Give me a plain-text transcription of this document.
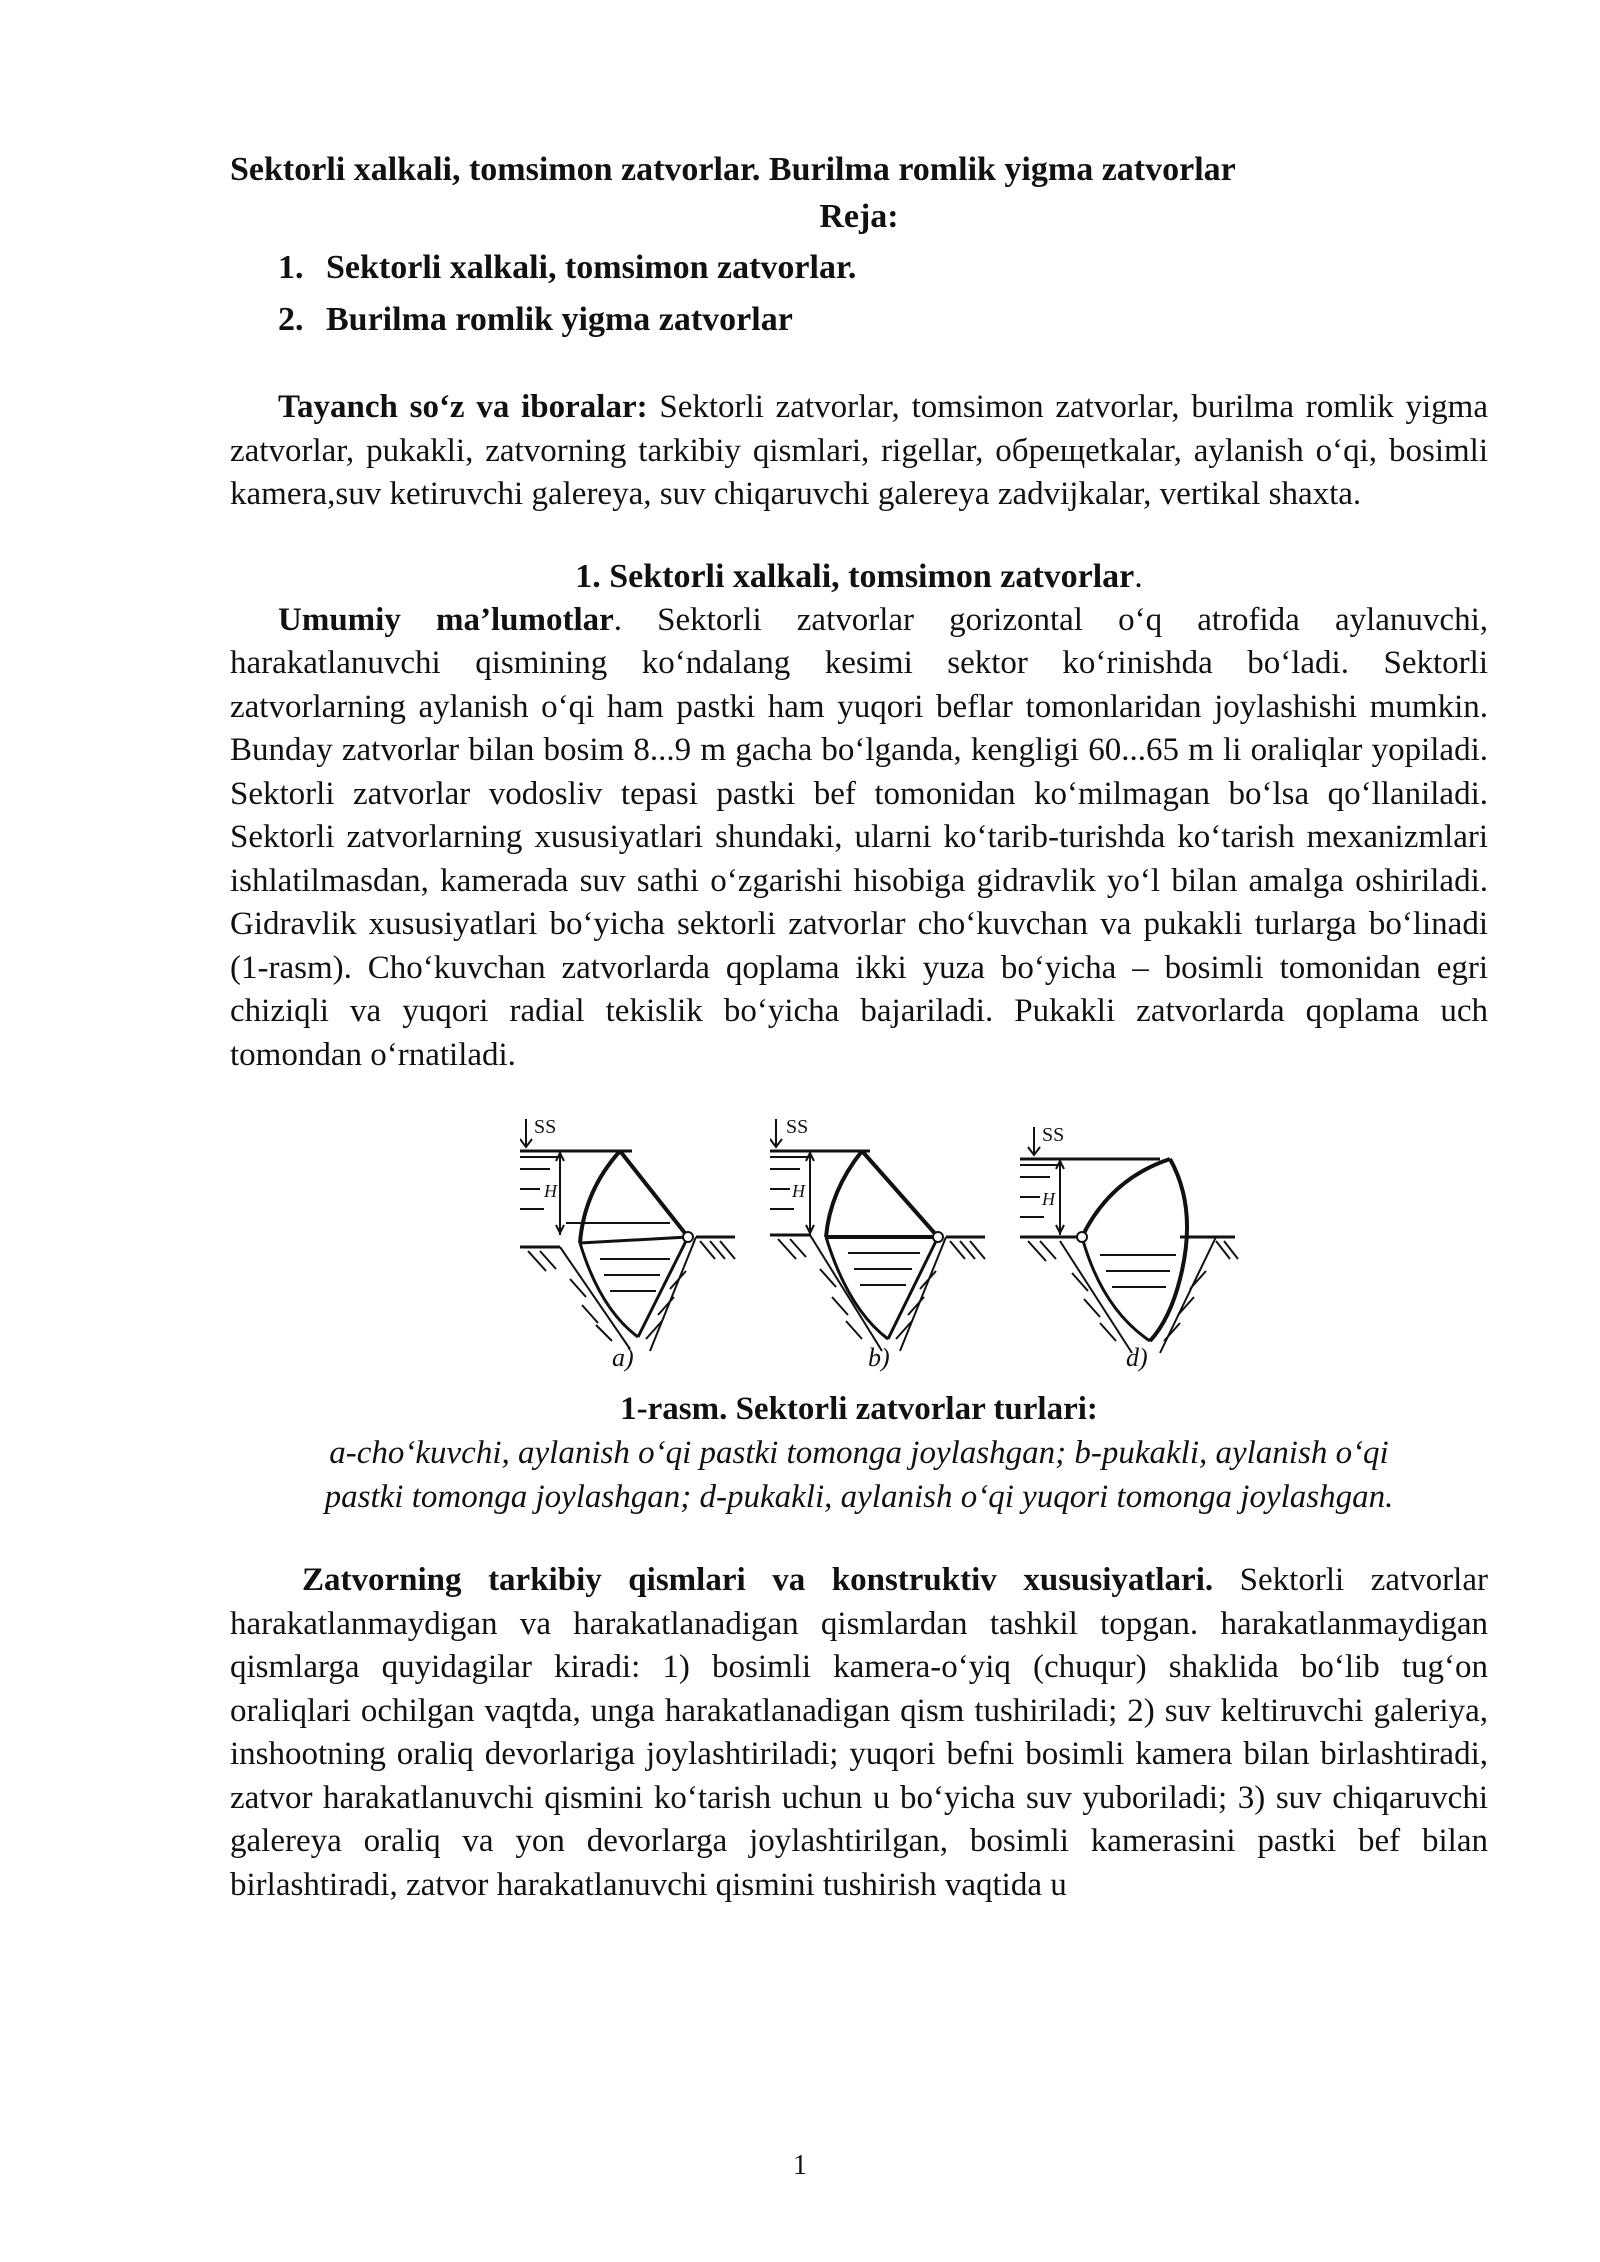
Sektorli xalkali, tomsimon zatvorlar. Burilma romlik yigma zatvorlar

Reja:

1. Sektorli xalkali, tomsimon zatvorlar.
2. Burilma romlik yigma zatvorlar

Tayanch so‘z va iboralar: Sektorli zatvorlar, tomsimon zatvorlar, burilma romlik yigma zatvorlar, pukakli, zatvorning tarkibiy qismlari, rigellar, обрещetkalar, aylanish o‘qi, bosimli kamera,suv ketiruvchi galereya, suv chiqaruvchi galereya zadvijkalar, vertikal shaxta.

1. Sektorli xalkali, tomsimon zatvorlar.

Umumiy ma’lumotlar. Sektorli zatvorlar gorizontal o‘q atrofida aylanuvchi, harakatlanuvchi qismining ko‘ndalang kesimi sektor ko‘rinishda bo‘ladi. Sektorli zatvorlarning aylanish o‘qi ham pastki ham yuqori beflar tomonlaridan joylashishi mumkin. Bunday zatvorlar bilan bosim 8...9 m gacha bo‘lganda, kengligi 60...65 m li oraliqlar yopiladi. Sektorli zatvorlar vodosliv tepasi pastki bef tomonidan ko‘milmagan bo‘lsa qo‘llaniladi. Sektorli zatvorlarning xususiyatlari shundaki, ularni ko‘tarib-turishda ko‘tarish mexanizmlari ishlatilmasdan, kamerada suv sathi o‘zgarishi hisobiga gidravlik yo‘l bilan amalga oshiriladi. Gidravlik xususiyatlari bo‘yicha sektorli zatvorlar cho‘kuvchan va pukakli turlarga bo‘linadi (1-rasm). Cho‘kuvchan zatvorlarda qoplama ikki yuza bo‘yicha – bosimli tomonidan egri chiziqli va yuqori radial tekislik bo‘yicha bajariladi. Pukakli zatvorlarda qoplama uch tomondan o‘rnatiladi.

SS
H
SS
H
SS
H
a)	b)	d)

1-rasm. Sektorli zatvorlar turlari:

a-cho‘kuvchi, aylanish o‘qi pastki tomonga joylashgan; b-pukakli, aylanish o‘qi pastki tomonga joylashgan; d-pukakli, aylanish o‘qi yuqori tomonga joylashgan.

Zatvorning tarkibiy qismlari va konstruktiv xususiyatlari. Sektorli zatvorlar harakatlanmaydigan va harakatlanadigan qismlardan tashkil topgan. harakatlanmaydigan qismlarga quyidagilar kiradi: 1) bosimli kamera-o‘yiq (chuqur) shaklida bo‘lib tug‘on oraliqlari ochilgan vaqtda, unga harakatlanadigan qism tushiriladi; 2) suv keltiruvchi galeriya, inshootning oraliq devorlariga joylashtiriladi; yuqori befni bosimli kamera bilan birlashtiradi, zatvor harakatlanuvchi qismini ko‘tarish uchun u bo‘yicha suv yuboriladi; 3) suv chiqaruvchi galereya oraliq va yon devorlarga joylashtirilgan, bosimli kamerasini pastki bef bilan birlashtiradi, zatvor harakatlanuvchi qismini tushirish vaqtida u

1
